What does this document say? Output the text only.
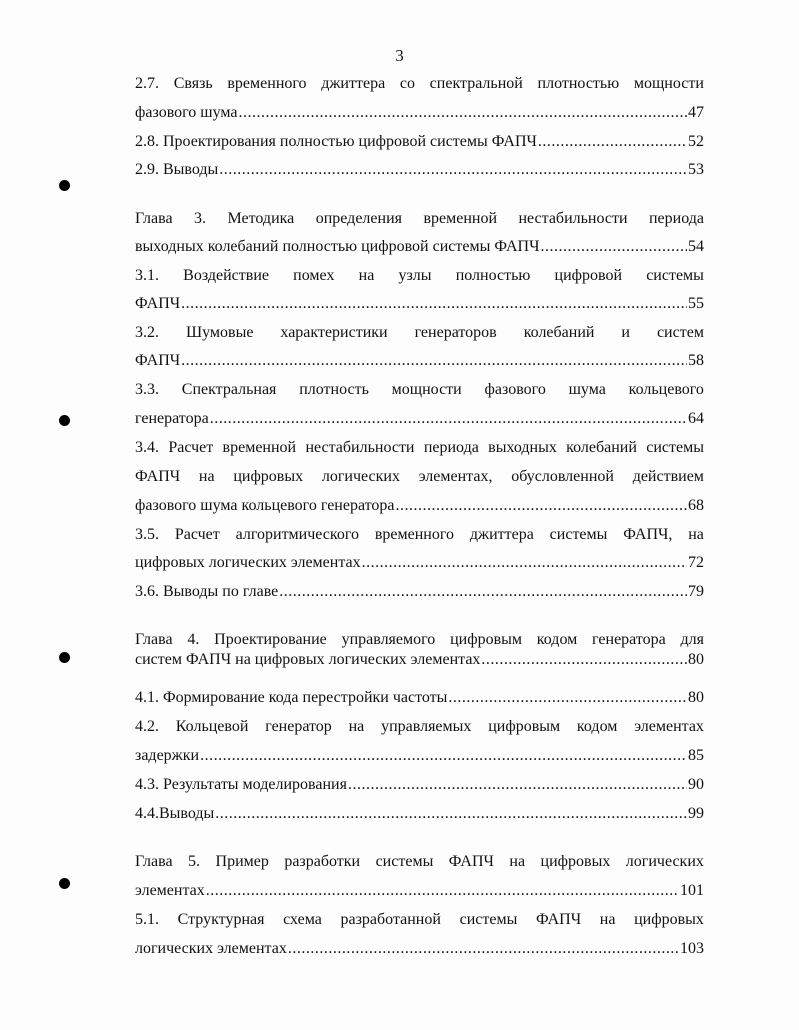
3
2.7. Связь временного джиттера со спектральной плотностью мощности
фазового шума .....	47
2.8. Проектирования полностью цифровой системы ФАПЧ .....	52
2.9. Выводы .....	53
Глава 3. Методика определения временной нестабильности периода
выходных колебаний полностью цифровой системы ФАПЧ .....	54
3.1. Воздействие помех на узлы полностью цифровой системы
ФАПЧ .....	55
3.2. Шумовые характеристики генераторов колебаний и систем
ФАПЧ .....	58
3.3. Спектральная плотность мощности фазового шума кольцевого
генератора .....	64
3.4. Расчет временной нестабильности периода выходных колебаний системы
ФАПЧ на цифровых логических элементах, обусловленной действием
фазового шума кольцевого генератора .....	68
3.5. Расчет алгоритмического временного джиттера системы ФАПЧ, на
цифровых логических элементах .....	72
3.6. Выводы по главе .....	79
Глава 4. Проектирование управляемого цифровым кодом генератора для
систем ФАПЧ на цифровых логических элементах .....	80
4.1. Формирование кода перестройки частоты .....	80
4.2. Кольцевой генератор на управляемых цифровым кодом элементах
задержки .....	85
4.3. Результаты моделирования .....	90
4.4.Выводы .....	99
Глава 5. Пример разработки системы ФАПЧ на цифровых логических
элементах .....	101
5.1. Структурная схема разработанной системы ФАПЧ на цифровых
логических элементах .....	103
